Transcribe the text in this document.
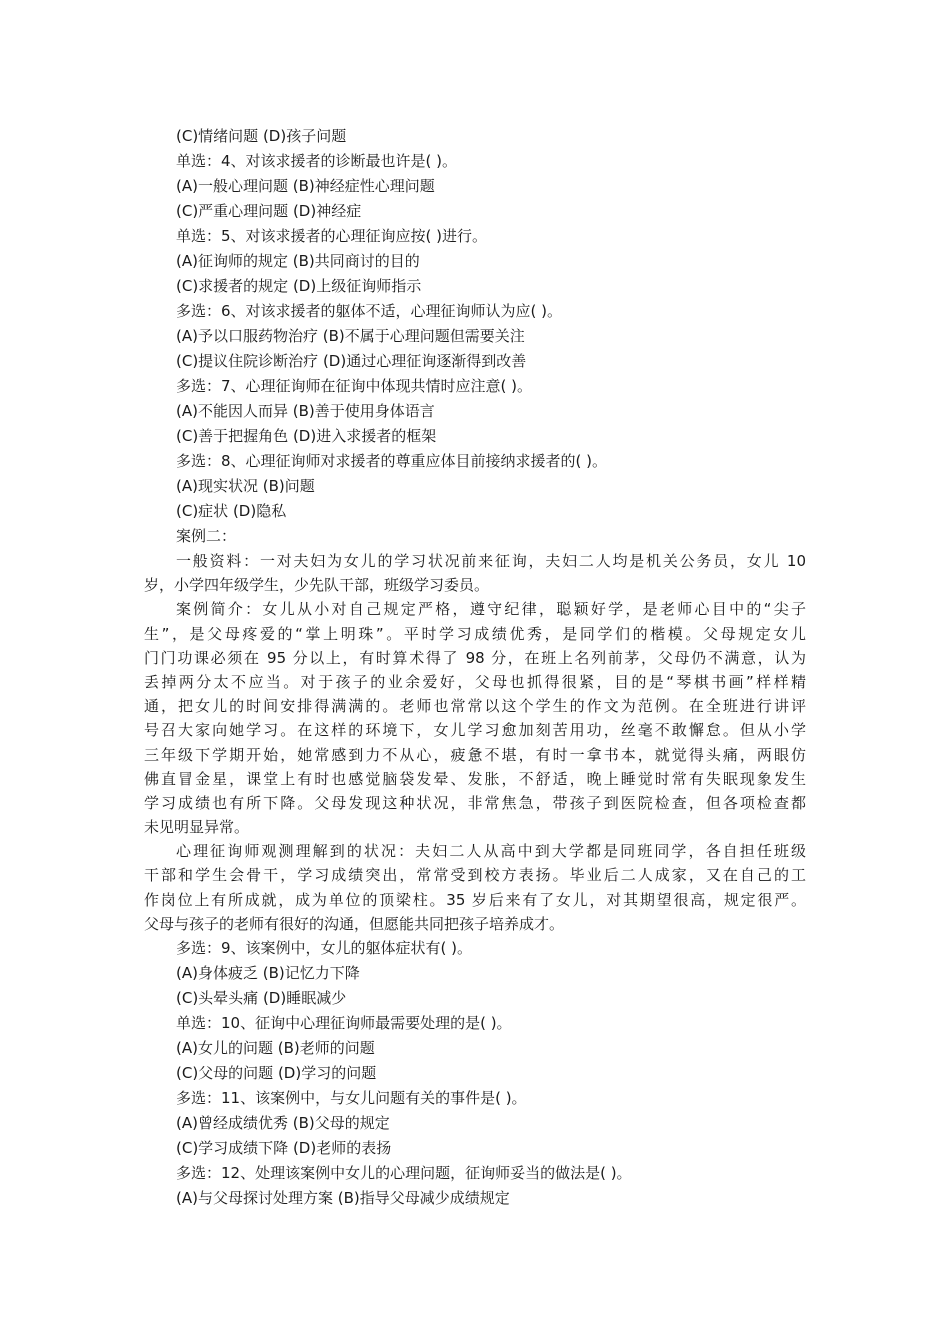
(C)情绪问题 (D)孩子问题
单选：4、对该求援者的诊断最也许是( )。
(A)一般心理问题 (B)神经症性心理问题
(C)严重心理问题 (D)神经症
单选：5、对该求援者的心理征询应按( )进行。
(A)征询师的规定 (B)共同商讨的目的
(C)求援者的规定 (D)上级征询师指示
多选：6、对该求援者的躯体不适，心理征询师认为应( )。
(A)予以口服药物治疗 (B)不属于心理问题但需要关注
(C)提议住院诊断治疗 (D)通过心理征询逐渐得到改善
多选：7、心理征询师在征询中体现共情时应注意( )。
(A)不能因人而异 (B)善于使用身体语言
(C)善于把握角色 (D)进入求援者的框架
多选：8、心理征询师对求援者的尊重应体目前接纳求援者的( )。
(A)现实状况 (B)问题
(C)症状 (D)隐私
案例二：
一般资料：一对夫妇为女儿的学习状况前来征询，夫妇二人均是机关公务员，女儿 10
岁，小学四年级学生，少先队干部，班级学习委员。
案例简介：女儿从小对自己规定严格，遵守纪律，聪颖好学，是老师心目中的“尖子
生”，是父母疼爱的“掌上明珠”。平时学习成绩优秀，是同学们的楷模。父母规定女儿
门门功课必须在 95 分以上，有时算术得了 98 分，在班上名列前茅，父母仍不满意，认为
丢掉两分太不应当。对于孩子的业余爱好，父母也抓得很紧，目的是“琴棋书画”样样精
通，把女儿的时间安排得满满的。老师也常常以这个学生的作文为范例。在全班进行讲评
号召大家向她学习。在这样的环境下，女儿学习愈加刻苦用功，丝毫不敢懈怠。但从小学
三年级下学期开始，她常感到力不从心，疲惫不堪，有时一拿书本，就觉得头痛，两眼仿
佛直冒金星，课堂上有时也感觉脑袋发晕、发胀，不舒适，晚上睡觉时常有失眠现象发生
学习成绩也有所下降。父母发现这种状况，非常焦急，带孩子到医院检查，但各项检查都
未见明显异常。
心理征询师观测理解到的状况：夫妇二人从高中到大学都是同班同学，各自担任班级
干部和学生会骨干，学习成绩突出，常常受到校方表扬。毕业后二人成家，又在自己的工
作岗位上有所成就，成为单位的顶梁柱。35 岁后来有了女儿，对其期望很高，规定很严。
父母与孩子的老师有很好的沟通，但愿能共同把孩子培养成才。
多选：9、该案例中，女儿的躯体症状有( )。
(A)身体疲乏 (B)记忆力下降
(C)头晕头痛 (D)睡眠减少
单选：10、征询中心理征询师最需要处理的是( )。
(A)女儿的问题 (B)老师的问题
(C)父母的问题 (D)学习的问题
多选：11、该案例中，与女儿问题有关的事件是( )。
(A)曾经成绩优秀 (B)父母的规定
(C)学习成绩下降 (D)老师的表扬
多选：12、处理该案例中女儿的心理问题，征询师妥当的做法是( )。
(A)与父母探讨处理方案 (B)指导父母减少成绩规定
